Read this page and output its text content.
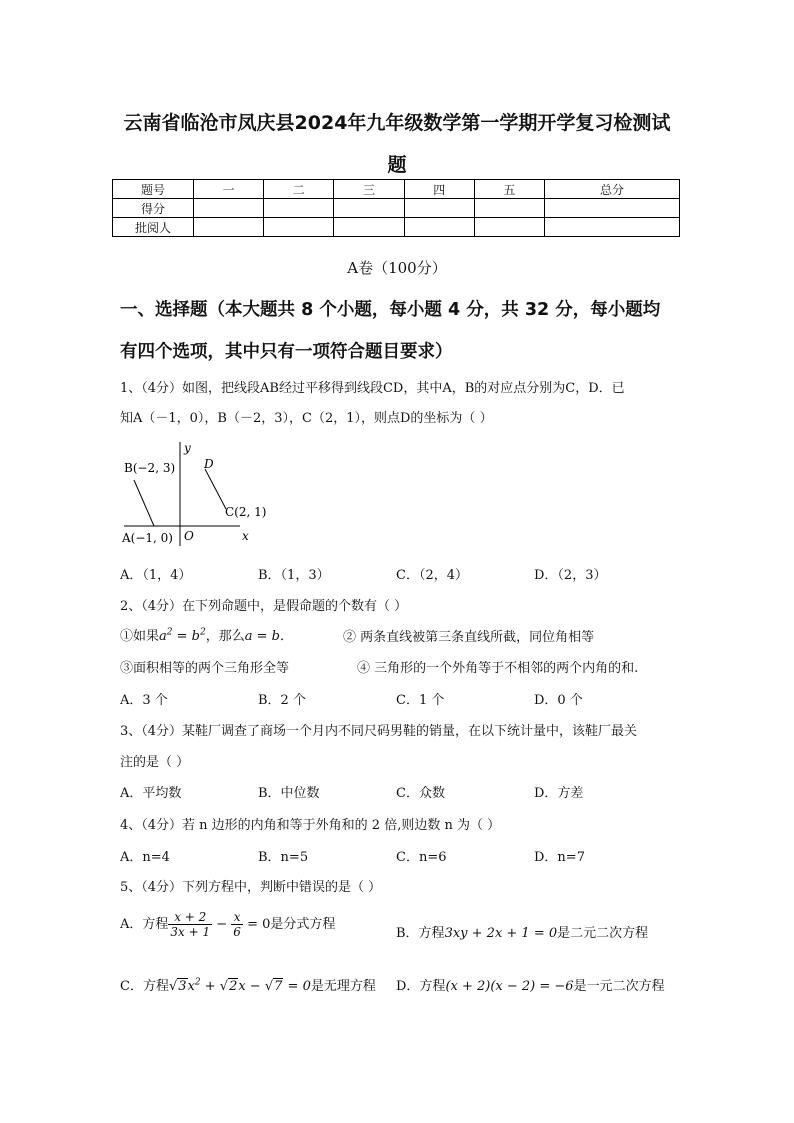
云南省临沧市凤庆县2024年九年级数学第一学期开学复习检测试
题
题号	一	二	三	四	五	总分
得分						
批阅人						
A卷（100分）
一、选择题（本大题共 8 个小题，每小题 4 分，共 32 分，每小题均
有四个选项，其中只有一项符合题目要求）
1、（4分）如图，把线段AB经过平移得到线段CD，其中A，B的对应点分别为C，D．已
知A（－1，0），B（－2，3），C（2，1），则点D的坐标为（ ）
y
B(−2, 3) D
C(2, 1)
A(−1, 0) O	x
A．（1，4）	B．（1，3）	C．（2，4）	D．（2，3）
2、（4分）在下列命题中，是假命题的个数有（ ）
①如果$a^2 = b^2$，那么a = b．	② 两条直线被第三条直线所截，同位角相等
③面积相等的两个三角形全等	④ 三角形的一个外角等于不相邻的两个内角的和.
A．3 个	B．2 个	C．1 个	D．0 个
3、（4分）某鞋厂调查了商场一个月内不同尺码男鞋的销量，在以下统计量中，该鞋厂最关
注的是（ ）
A．平均数	B．中位数	C．众数	D．方差
4、（4分）若 n 边形的内角和等于外角和的 2 倍,则边数 n 为（ ）
A．n=4	B．n=5	C．n=6	D．n=7
5、（4分）下列方程中，判断中错误的是（ ）
A．方程 $\frac{x + 2}{3x + 1} - \frac{x}{6} = 0$是分式方程
B．方程3xy + 2x + 1 = 0是二元二次方程
C．方程$√3x^2 + √2x - √7 = 0$是无理方程 D．方程(x + 2)(x − 2) = −6是一元二次方程
